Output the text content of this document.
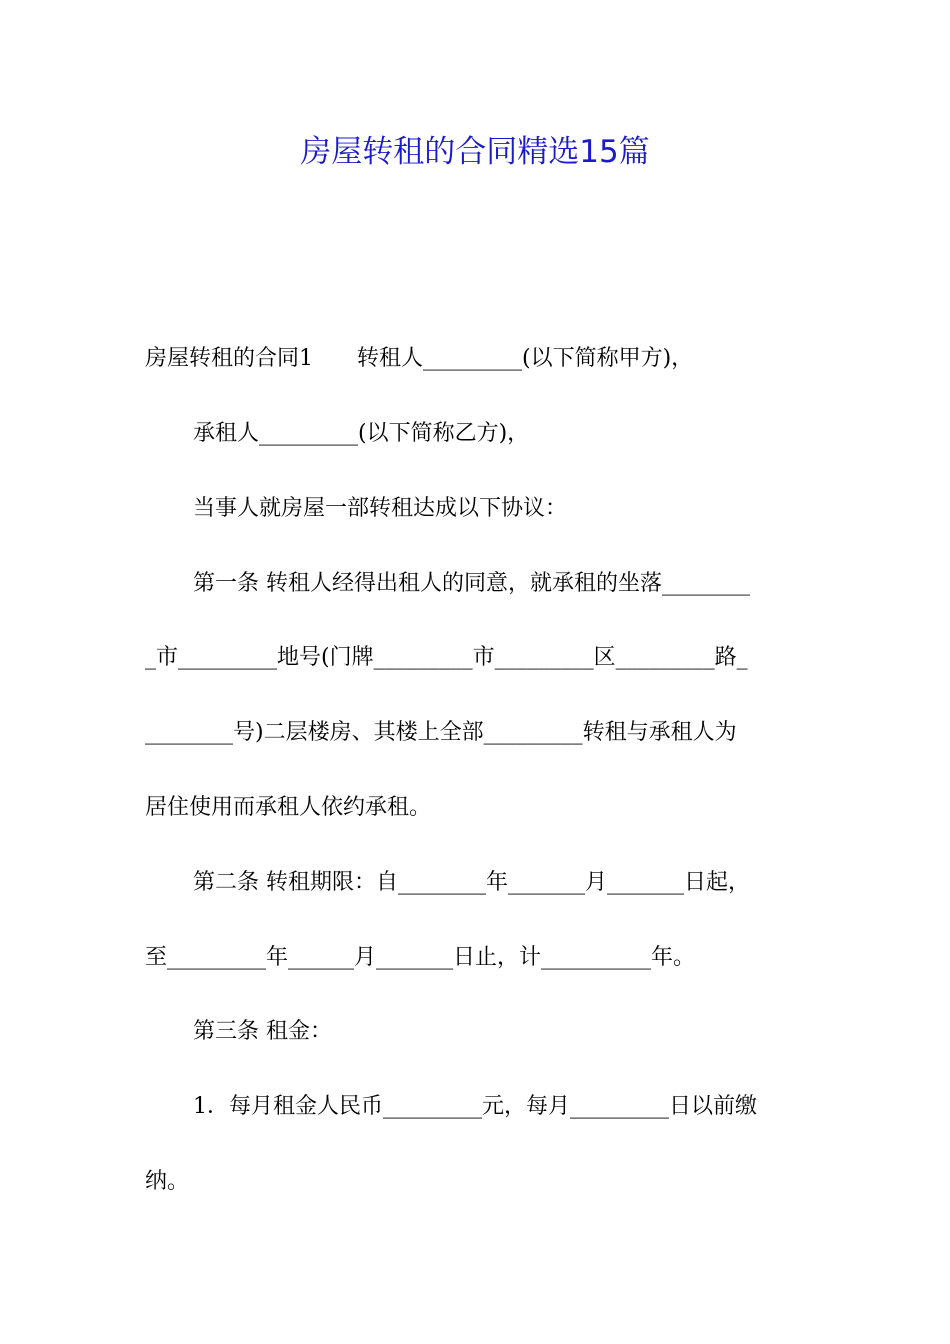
房屋转租的合同精选15篇
房屋转租的合同1　　转租人_________(以下简称甲方)，
承租人_________(以下简称乙方)，
当事人就房屋一部转租达成以下协议：
第一条 转租人经得出租人的同意，就承租的坐落________
_市_________地号(门牌_________市_________区_________路_
________号)二层楼房、其楼上全部_________转租与承租人为
居住使用而承租人依约承租。
第二条 转租期限：自________年_______月_______日起，
至_________年______月_______日止，计__________年。
第三条 租金：
1．每月租金人民币_________元，每月_________日以前缴
纳。
